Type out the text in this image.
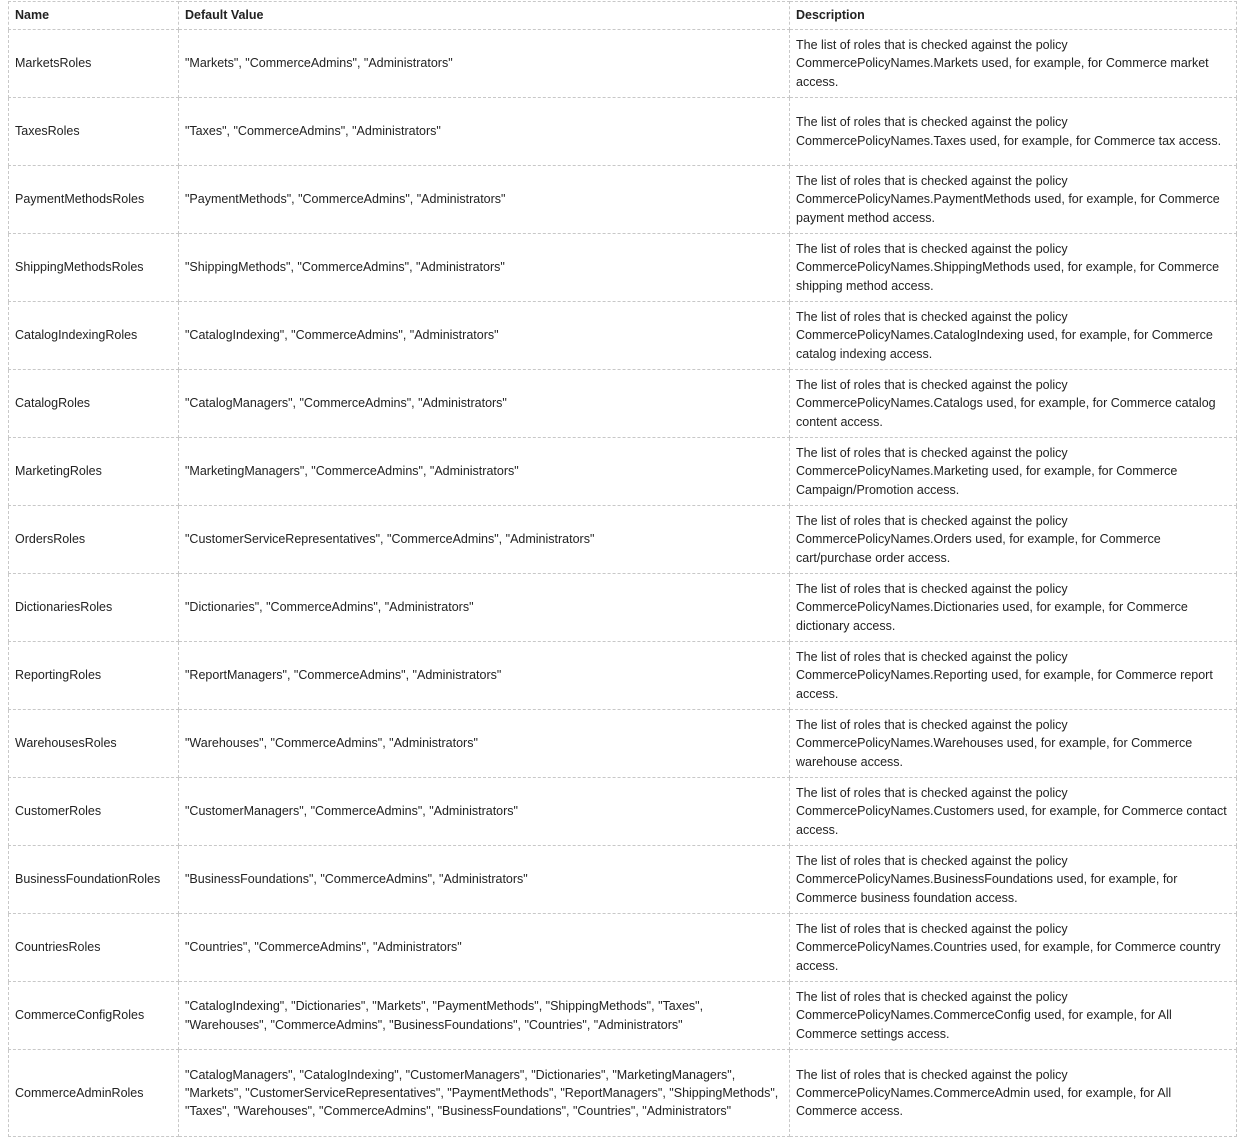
Name	Default Value	Description
MarketsRoles	"Markets", "CommerceAdmins", "Administrators"	The list of roles that is checked against the policy CommercePolicyNames.Markets used, for example, for Commerce market access.
TaxesRoles	"Taxes", "CommerceAdmins", "Administrators"	The list of roles that is checked against the policy CommercePolicyNames.Taxes used, for example, for Commerce tax access.
PaymentMethodsRoles	"PaymentMethods", "CommerceAdmins", "Administrators"	The list of roles that is checked against the policy CommercePolicyNames.PaymentMethods used, for example, for Commerce payment method access.
ShippingMethodsRoles	"ShippingMethods", "CommerceAdmins", "Administrators"	The list of roles that is checked against the policy CommercePolicyNames.ShippingMethods used, for example, for Commerce shipping method access.
CatalogIndexingRoles	"CatalogIndexing", "CommerceAdmins", "Administrators"	The list of roles that is checked against the policy CommercePolicyNames.CatalogIndexing used, for example, for Commerce catalog indexing access.
CatalogRoles	"CatalogManagers", "CommerceAdmins", "Administrators"	The list of roles that is checked against the policy CommercePolicyNames.Catalogs used, for example, for Commerce catalog content access.
MarketingRoles	"MarketingManagers", "CommerceAdmins", "Administrators"	The list of roles that is checked against the policy CommercePolicyNames.Marketing used, for example, for Commerce Campaign/Promotion access.
OrdersRoles	"CustomerServiceRepresentatives", "CommerceAdmins", "Administrators"	The list of roles that is checked against the policy CommercePolicyNames.Orders used, for example, for Commerce cart/purchase order access.
DictionariesRoles	"Dictionaries", "CommerceAdmins", "Administrators"	The list of roles that is checked against the policy CommercePolicyNames.Dictionaries used, for example, for Commerce dictionary access.
ReportingRoles	"ReportManagers", "CommerceAdmins", "Administrators"	The list of roles that is checked against the policy CommercePolicyNames.Reporting used, for example, for Commerce report access.
WarehousesRoles	"Warehouses", "CommerceAdmins", "Administrators"	The list of roles that is checked against the policy CommercePolicyNames.Warehouses used, for example, for Commerce warehouse access.
CustomerRoles	"CustomerManagers", "CommerceAdmins", "Administrators"	The list of roles that is checked against the policy CommercePolicyNames.Customers used, for example, for Commerce contact access.
BusinessFoundationRoles	"BusinessFoundations", "CommerceAdmins", "Administrators"	The list of roles that is checked against the policy CommercePolicyNames.BusinessFoundations used, for example, for Commerce business foundation access.
CountriesRoles	"Countries", "CommerceAdmins", "Administrators"	The list of roles that is checked against the policy CommercePolicyNames.Countries used, for example, for Commerce country access.
CommerceConfigRoles	"CatalogIndexing", "Dictionaries", "Markets", "PaymentMethods", "ShippingMethods", "Taxes", "Warehouses", "CommerceAdmins", "BusinessFoundations", "Countries", "Administrators"	The list of roles that is checked against the policy CommercePolicyNames.CommerceConfig used, for example, for All Commerce settings access.
CommerceAdminRoles	"CatalogManagers", "CatalogIndexing", "CustomerManagers", "Dictionaries", "MarketingManagers", "Markets", "CustomerServiceRepresentatives", "PaymentMethods", "ReportManagers", "ShippingMethods", "Taxes", "Warehouses", "CommerceAdmins", "BusinessFoundations", "Countries", "Administrators"	The list of roles that is checked against the policy CommercePolicyNames.CommerceAdmin used, for example, for All Commerce access.
